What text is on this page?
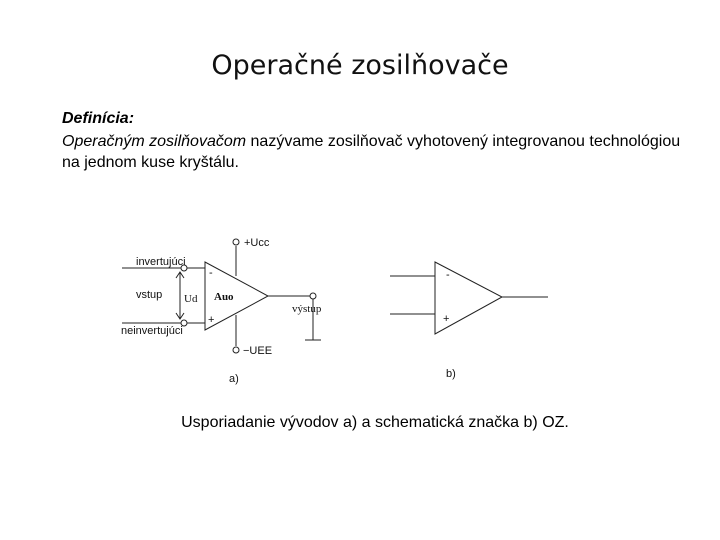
Operačné zosilňovače
Definícia:
Operačným zosilňovačom nazývame zosilňovač vyhotovený integrovanou technológiou na jednom kuse kryštálu.
+Ucc
−UEE
invertujúci
vstup
neinvertujúci
Ud Auo
-
+
výstup
a)
-
+
b)
Usporiadanie vývodov a) a schematická značka b) OZ.
